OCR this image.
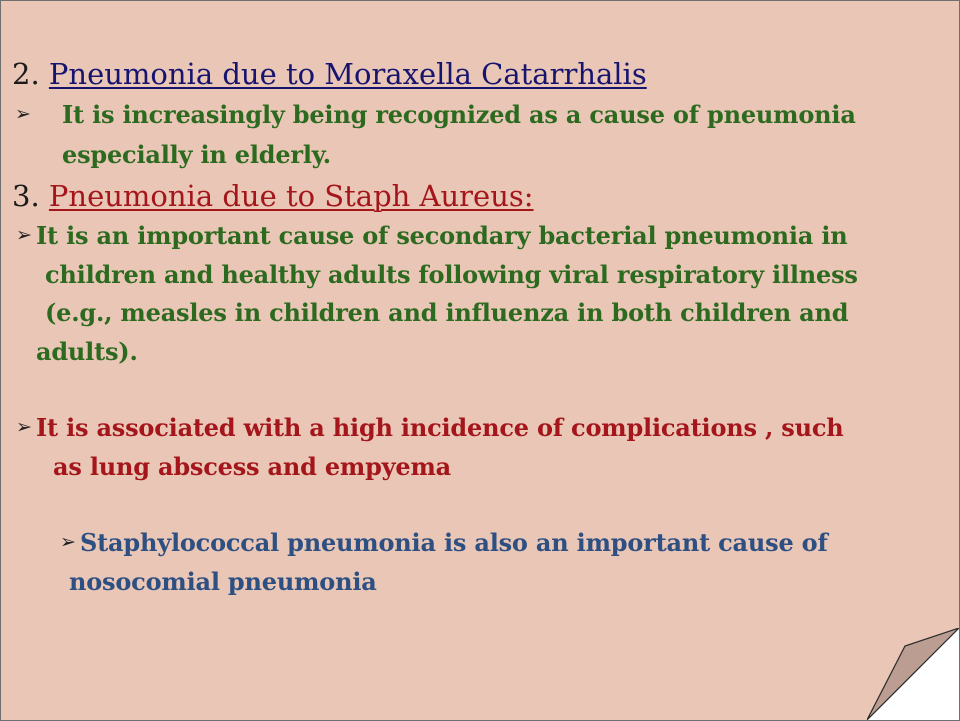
2. Pneumonia due to Moraxella Catarrhalis
➢ It is increasingly being recognized as a cause of pneumonia
especially in elderly.
3. Pneumonia due to Staph Aureus:
➢ It is an important cause of secondary bacterial pneumonia in
children and healthy adults following viral respiratory illness
(e.g., measles in children and influenza in both children and
adults).
➢ It is associated with a high incidence of complications , such
as lung abscess and empyema
➢ Staphylococcal pneumonia is also an important cause of
nosocomial pneumonia
